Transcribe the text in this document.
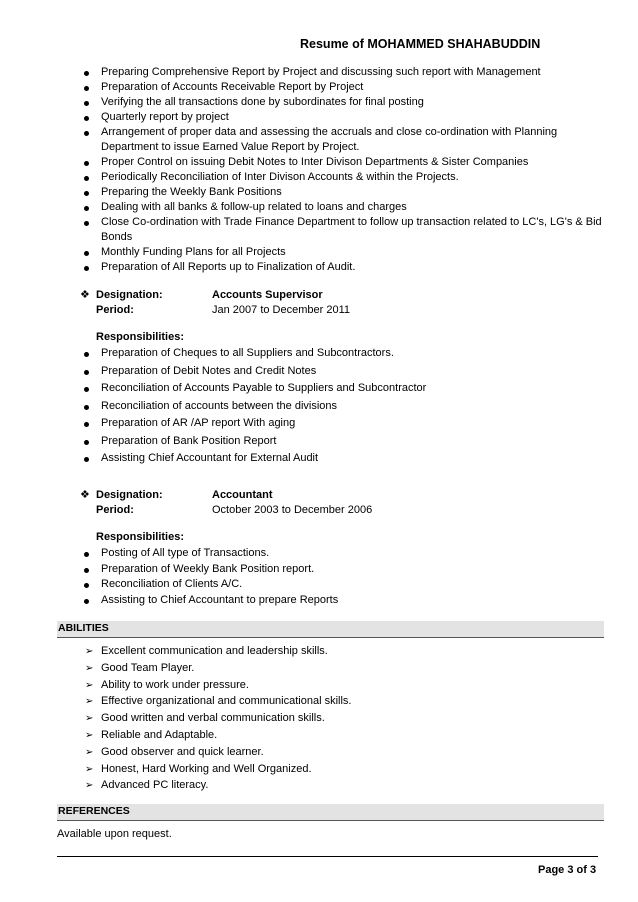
Resume of MOHAMMED SHAHABUDDIN
Preparing Comprehensive Report by Project and discussing such report with Management
Preparation of Accounts Receivable Report by Project
Verifying the all transactions done by subordinates for final posting
Quarterly report by project
Arrangement of proper data and assessing the accruals and close co-ordination with Planning Department to issue Earned Value Report by Project.
Proper Control on issuing Debit Notes to Inter Divison Departments & Sister Companies
Periodically Reconciliation of Inter Divison Accounts & within the Projects.
Preparing the Weekly Bank Positions
Dealing with all banks & follow-up related to loans and charges
Close Co-ordination with Trade Finance Department to follow up transaction related to LC's, LG's & Bid Bonds
Monthly Funding Plans for all Projects
Preparation of All Reports up to Finalization of Audit.
❖ Designation:	Accounts Supervisor
Period:	Jan 2007 to December 2011
Responsibilities:
Preparation of Cheques to all Suppliers and Subcontractors.
Preparation of Debit Notes and Credit Notes
Reconciliation of Accounts Payable to Suppliers and Subcontractor
Reconciliation of accounts between the divisions
Preparation of AR /AP report With aging
Preparation of Bank Position Report
Assisting Chief Accountant for External Audit
❖ Designation:	Accountant
Period:	October 2003 to December 2006
Responsibilities:
Posting of All type of Transactions.
Preparation of Weekly Bank Position report.
Reconciliation of Clients A/C.
Assisting to Chief Accountant to prepare Reports
ABILITIES
➢ Excellent communication and leadership skills.
➢ Good Team Player.
➢ Ability to work under pressure.
➢ Effective organizational and communicational skills.
➢ Good written and verbal communication skills.
➢ Reliable and Adaptable.
➢ Good observer and quick learner.
➢ Honest, Hard Working and Well Organized.
➢ Advanced PC literacy.
REFERENCES
Available upon request.
Page 3 of 3
